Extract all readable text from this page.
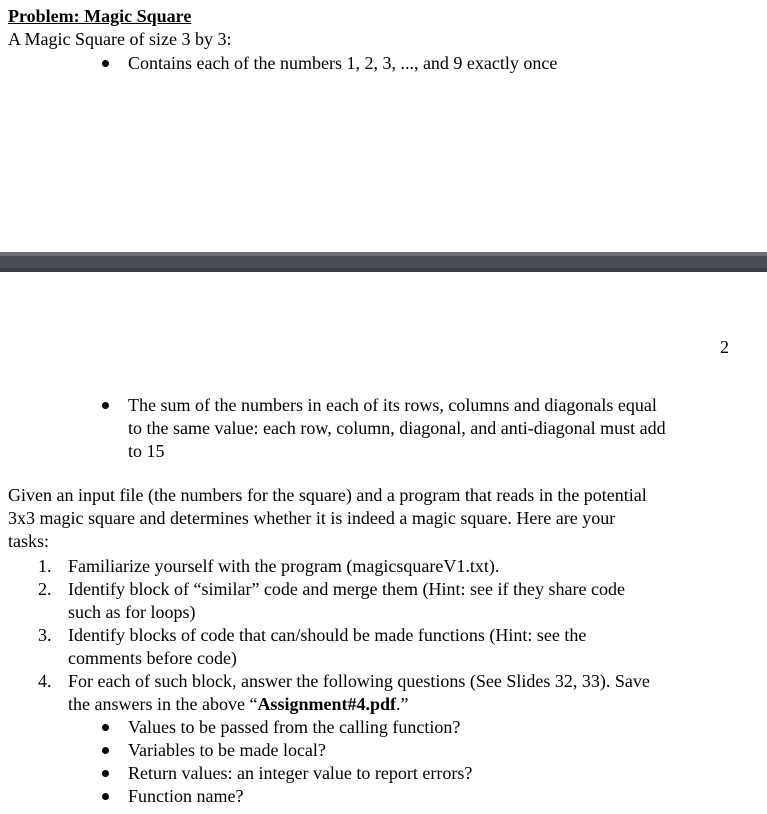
Problem: Magic Square
A Magic Square of size 3 by 3:
Contains each of the numbers 1, 2, 3, ..., and 9 exactly once
2
The sum of the numbers in each of its rows, columns and diagonals equal
to the same value: each row, column, diagonal, and anti-diagonal must add
to 15
Given an input file (the numbers for the square) and a program that reads in the potential
3x3 magic square and determines whether it is indeed a magic square. Here are your
tasks:
1. Familiarize yourself with the program (magicsquareV1.txt).
2. Identify block of “similar” code and merge them (Hint: see if they share code
such as for loops)
3. Identify blocks of code that can/should be made functions (Hint: see the
comments before code)
4. For each of such block, answer the following questions (See Slides 32, 33). Save
the answers in the above “Assignment#4.pdf.”
Values to be passed from the calling function?
Variables to be made local?
Return values: an integer value to report errors?
Function name?
